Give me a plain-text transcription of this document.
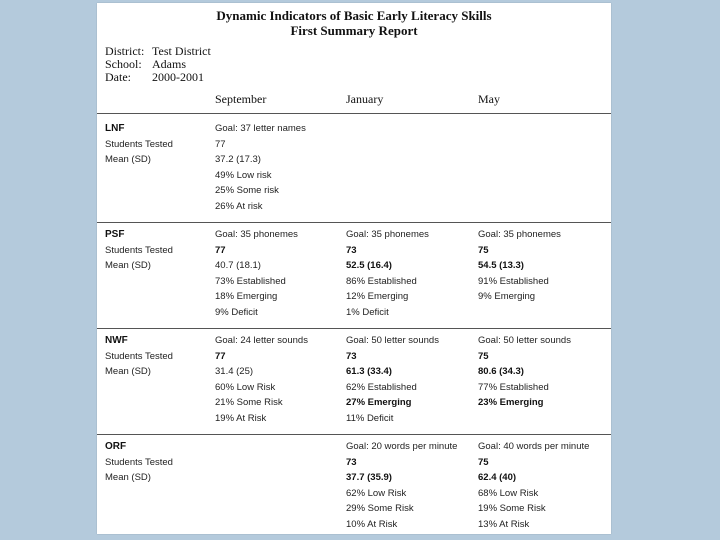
Dynamic Indicators of Basic Early Literacy Skills
First Summary Report
District: Test District
School: Adams
Date: 2000-2001
September	January	May
LNF
Students Tested
Mean (SD)
Goal: 37 letter names
77
37.2 (17.3)
49% Low risk
25% Some risk
26% At risk
PSF
Students Tested
Mean (SD)
Goal: 35 phonemes
77
40.7 (18.1)
73% Established
18% Emerging
9% Deficit
Goal: 35 phonemes
73
52.5 (16.4)
86% Established
12% Emerging
1% Deficit
Goal: 35 phonemes
75
54.5 (13.3)
91% Established
9% Emerging
NWF
Students Tested
Mean (SD)
Goal: 24 letter sounds
77
31.4 (25)
60% Low Risk
21% Some Risk
19% At Risk
Goal: 50 letter sounds
73
61.3 (33.4)
62% Established
27% Emerging
11% Deficit
Goal: 50 letter sounds
75
80.6 (34.3)
77% Established
23% Emerging
ORF
Students Tested
Mean (SD)
Goal: 20 words per minute
73
37.7 (35.9)
62% Low Risk
29% Some Risk
10% At Risk
Goal: 40 words per minute
75
62.4 (40)
68% Low Risk
19% Some Risk
13% At Risk
